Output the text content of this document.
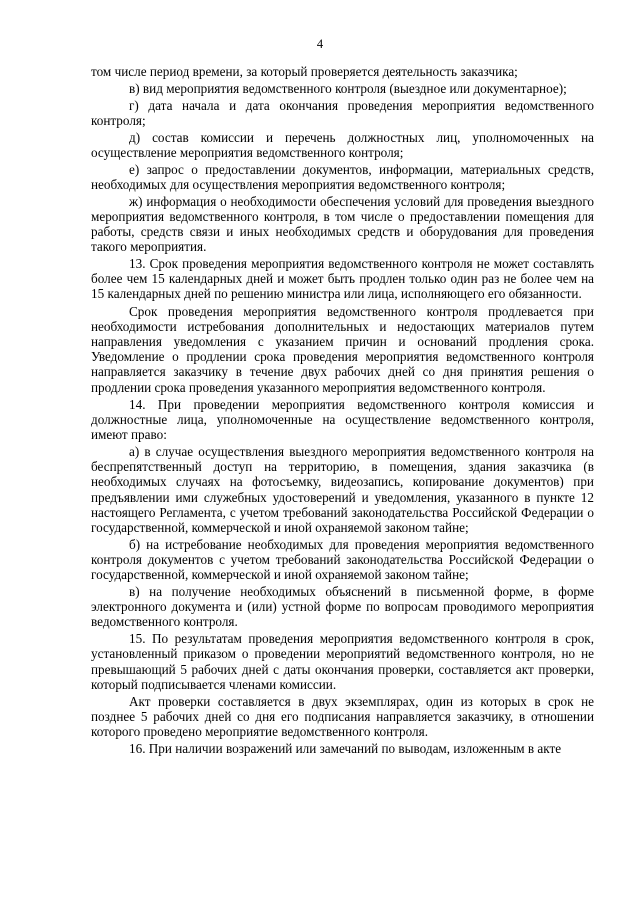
4

том числе период времени, за который проверяется деятельность заказчика;

в) вид мероприятия ведомственного контроля (выездное или документарное);

г) дата начала и дата окончания проведения мероприятия ведомственного контроля;

д) состав комиссии и перечень должностных лиц, уполномоченных на осуществление мероприятия ведомственного контроля;

е) запрос о предоставлении документов, информации, материальных средств, необходимых для осуществления мероприятия ведомственного контроля;

ж) информация о необходимости обеспечения условий для проведения выездного мероприятия ведомственного контроля, в том числе о предоставлении помещения для работы, средств связи и иных необходимых средств и оборудования для проведения такого мероприятия.

13. Срок проведения мероприятия ведомственного контроля не может составлять более чем 15 календарных дней и может быть продлен только один раз не более чем на 15 календарных дней по решению министра или лица, исполняющего его обязанности.

Срок проведения мероприятия ведомственного контроля продлевается при необходимости истребования дополнительных и недостающих материалов путем направления уведомления с указанием причин и оснований продления срока. Уведомление о продлении срока проведения мероприятия ведомственного контроля направляется заказчику в течение двух рабочих дней со дня принятия решения о продлении срока проведения указанного мероприятия ведомственного контроля.

14. При проведении мероприятия ведомственного контроля комиссия и должностные лица, уполномоченные на осуществление ведомственного контроля, имеют право:

а) в случае осуществления выездного мероприятия ведомственного контроля на беспрепятственный доступ на территорию, в помещения, здания заказчика (в необходимых случаях на фотосъемку, видеозапись, копирование документов) при предъявлении ими служебных удостоверений и уведомления, указанного в пункте 12 настоящего Регламента, с учетом требований законодательства Российской Федерации о государственной, коммерческой и иной охраняемой законом тайне;

б) на истребование необходимых для проведения мероприятия ведомственного контроля документов с учетом требований законодательства Российской Федерации о государственной, коммерческой и иной охраняемой законом тайне;

в) на получение необходимых объяснений в письменной форме, в форме электронного документа и (или) устной форме по вопросам проводимого мероприятия ведомственного контроля.

15. По результатам проведения мероприятия ведомственного контроля в срок, установленный приказом о проведении мероприятий ведомственного контроля, но не превышающий 5 рабочих дней с даты окончания проверки, составляется акт проверки, который подписывается членами комиссии.

Акт проверки составляется в двух экземплярах, один из которых в срок не позднее 5 рабочих дней со дня его подписания направляется заказчику, в отношении которого проведено мероприятие ведомственного контроля.

16. При наличии возражений или замечаний по выводам, изложенным в акте
